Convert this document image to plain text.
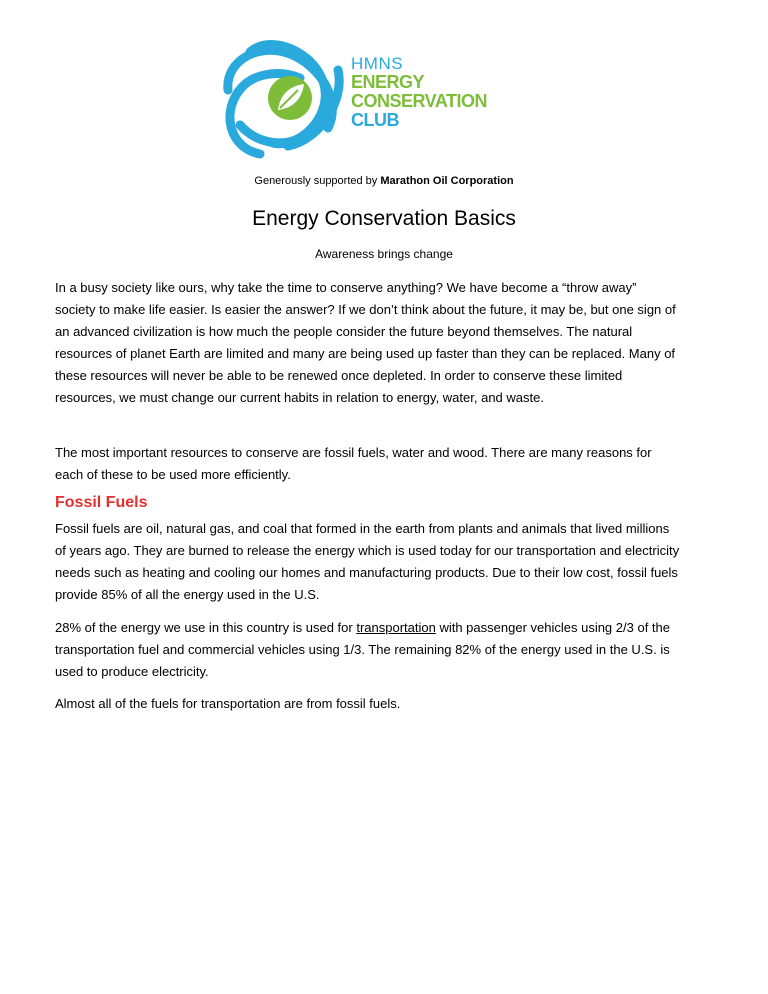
HMNS
ENERGY
CONSERVATION
CLUB
Generously supported by Marathon Oil Corporation
Energy Conservation Basics
Awareness brings change

In a busy society like ours, why take the time to conserve anything? We have become a “throw away” society to make life easier. Is easier the answer? If we don’t think about the future, it may be, but one sign of an advanced civilization is how much the people consider the future beyond themselves. The natural resources of planet Earth are limited and many are being used up faster than they can be replaced. Many of these resources will never be able to be renewed once depleted. In order to conserve these limited resources, we must change our current habits in relation to energy, water, and waste.

The most important resources to conserve are fossil fuels, water and wood. There are many reasons for each of these to be used more efficiently.

Fossil Fuels

Fossil fuels are oil, natural gas, and coal that formed in the earth from plants and animals that lived millions of years ago. They are burned to release the energy which is used today for our transportation and electricity needs such as heating and cooling our homes and manufacturing products. Due to their low cost, fossil fuels provide 85% of all the energy used in the U.S.

28% of the energy we use in this country is used for transportation with passenger vehicles using 2/3 of the transportation fuel and commercial vehicles using 1/3. The remaining 82% of the energy used in the U.S. is used to produce electricity.

Almost all of the fuels for transportation are from fossil fuels.
